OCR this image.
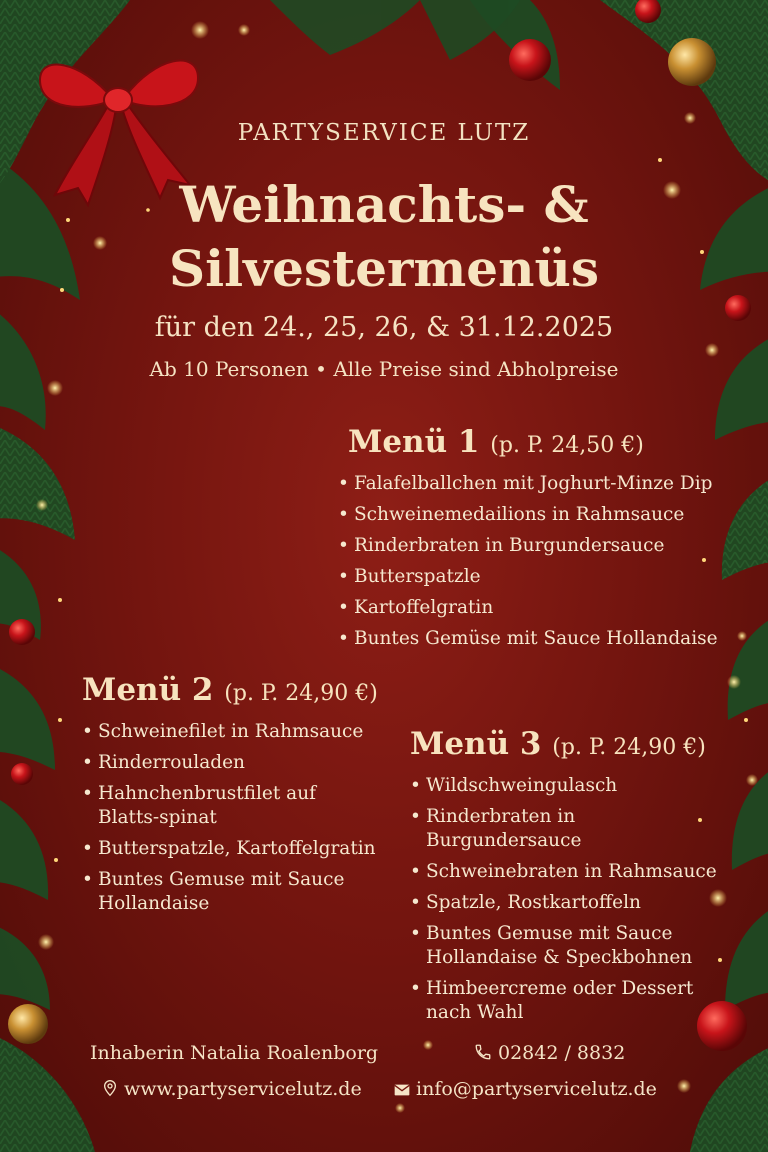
PARTYSERVICE LUTZ
Weihnachts- &
Silvestermenüs
für den 24., 25, 26, & 31.12.2025
Ab 10 Personen • Alle Preise sind Abholpreise
Menü 1 (p. P. 24,50 €)
• Falafelballchen mit Joghurt-Minze Dip
• Schweinemedailions in Rahmsauce
• Rinderbraten in Burgundersauce
• Butterspatzle
• Kartoffelgratin
• Buntes Gemüse mit Sauce Hollandaise
Menü 2 (p. P. 24,90 €)
• Schweinefilet in Rahmsauce
• Rinderrouladen
• Hahnchenbrustfilet auf Blatts-spinat
• Butterspatzle, Kartoffelgratin
• Buntes Gemuse mit Sauce Hollandaise
Menü 3 (p. P. 24,90 €)
• Wildschweingulasch
• Rinderbraten in Burgundersauce
• Schweinebraten in Rahmsauce
• Spatzle, Rostkartoffeln
• Buntes Gemuse mit Sauce Hollandaise & Speckbohnen
• Himbeercreme oder Dessert nach Wahl
Inhaberin Natalia Roalenborg	02842 / 8832
www.partyservicelutz.de	info@partyservicelutz.de
